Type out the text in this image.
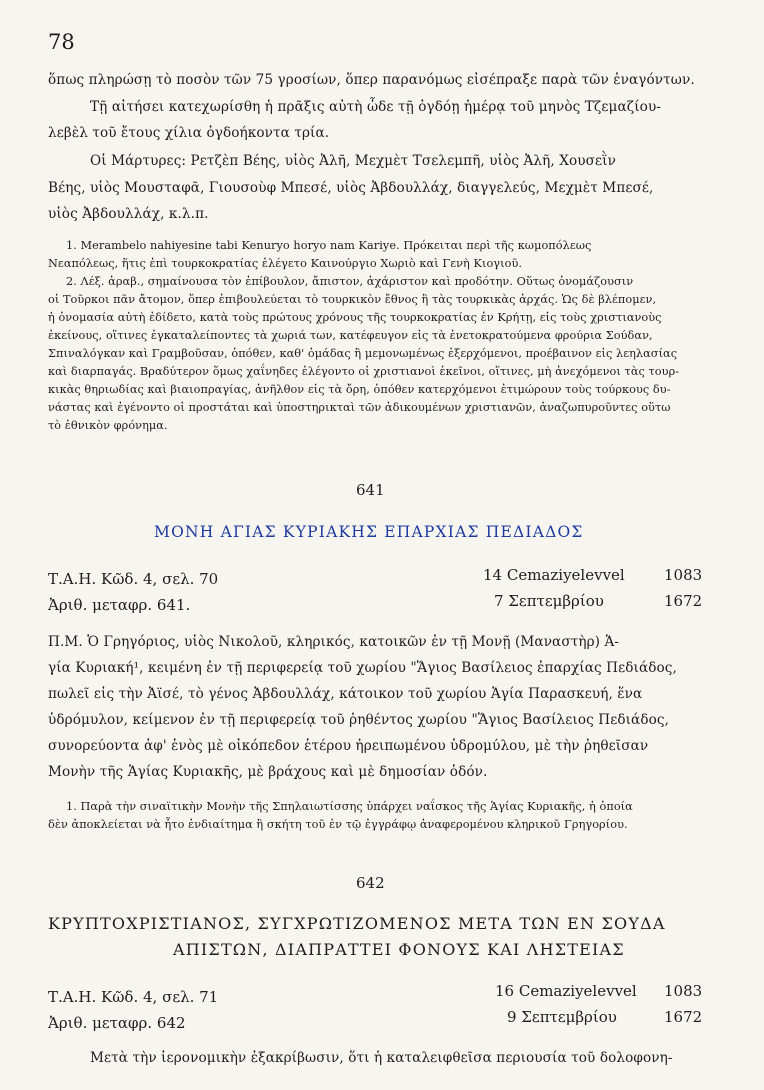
78
ὅπως πληρώσῃ τὸ ποσὸν τῶν 75 γροσίων, ὅπερ παρανόμως εἰσέπραξε παρὰ τῶν ἐναγόντων.
Τῇ αἰτήσει κατεχωρίσθη ἡ πρᾶξις αὐτὴ ὧδε τῇ ὀγδόῃ ἡμέρᾳ τοῦ μηνὸς Τζεμαζίου-
λεβὲλ τοῦ ἔτους χίλια ὀγδοήκοντα τρία.
Οἱ Μάρτυρες: Ρετζὲπ Βέης, υἱὸς Ἀλῆ, Μεχμὲτ Τσελεμπῆ, υἱὸς Ἀλῆ, Χουσεῒν
Βέης, υἱὸς Μουσταφᾶ, Γιουσοὺφ Μπεσέ, υἱὸς Ἀβδουλλάχ, διαγγελεύς, Μεχμὲτ Μπεσέ,
υἱὸς Ἀβδουλλάχ, κ.λ.π.
1. Merambelo nahiyesine tabi Kenuryo horyo nam Kariye. Πρόκειται περὶ τῆς κωμοπόλεως
Νεαπόλεως, ἥτις ἐπὶ τουρκοκρατίας ἐλέγετο Καινούργιο Χωριὸ καὶ Γενὴ Κιογιοῦ.
2. Λέξ. ἀραβ., σημαίνουσα τὸν ἐπίβουλον, ἄπιστον, ἀχάριστον καὶ προδότην. Οὕτως ὀνομάζουσιν
οἱ Τοῦρκοι πᾶν ἄτομον, ὅπερ ἐπιβουλεύεται τὸ τουρκικὸν ἔθνος ἢ τὰς τουρκικὰς ἀρχάς. Ὡς δὲ βλέπομεν,
ἡ ὀνομασία αὐτὴ ἐδίδετο, κατὰ τοὺς πρώτους χρόνους τῆς τουρκοκρατίας ἐν Κρήτῃ, εἰς τοὺς χριστιανοὺς
ἐκείνους, οἵτινες ἐγκαταλείποντες τὰ χωριά των, κατέφευγον εἰς τὰ ἐνετοκρατούμενα φρούρια Σούδαν,
Σπιναλόγκαν καὶ Γραμβοῦσαν, ὁπόθεν, καθ' ὁμάδας ἢ μεμονωμένως ἐξερχόμενοι, προέβαινον εἰς λεηλασίας
καὶ διαρπαγάς. Βραδύτερον ὅμως χαΐνηδες ἐλέγοντο οἱ χριστιανοὶ ἐκεῖνοι, οἵτινες, μὴ ἀνεχόμενοι τὰς τουρ-
κικὰς θηριωδίας καὶ βιαιοπραγίας, ἀνῆλθον εἰς τὰ ὄρη, ὁπόθεν κατερχόμενοι ἐτιμώρουν τοὺς τούρκους δυ-
νάστας καὶ ἐγένοντο οἱ προστάται καὶ ὑποστηρικταὶ τῶν ἀδικουμένων χριστιανῶν, ἀναζωπυροῦντες οὕτω
τὸ ἐθνικὸν φρόνημα.
641
ΜΟΝΗ ΑΓΙΑΣ ΚΥΡΙΑΚΗΣ ΕΠΑΡΧΙΑΣ ΠΕΔΙΑΔΟΣ
Τ.Α.Η. Κῶδ. 4, σελ. 70
Ἀριθ. μεταφρ. 641.
14 Cemaziyelevvel	1083
7 Σεπτεμβρίου	1672
Π.Μ. Ὁ Γρηγόριος, υἱὸς Νικολοῦ, κληρικός, κατοικῶν ἐν τῇ Μονῇ (Μαναστὴρ) Ἁ-
γία Κυριακή¹, κειμένη ἐν τῇ περιφερείᾳ τοῦ χωρίου "Ἅγιος Βασίλειος ἐπαρχίας Πεδιάδος,
πωλεῖ εἰς τὴν Ἀϊσέ, τὸ γένος Ἀβδουλλάχ, κάτοικον τοῦ χωρίου Ἁγία Παρασκευή, ἕνα
ὑδρόμυλον, κείμενον ἐν τῇ περιφερείᾳ τοῦ ῥηθέντος χωρίου "Ἅγιος Βασίλειος Πεδιάδος,
συνορεύοντα ἀφ' ἑνὸς μὲ οἰκόπεδον ἑτέρου ἠρειπωμένου ὑδρομύλου, μὲ τὴν ῥηθεῖσαν
Μονὴν τῆς Ἁγίας Κυριακῆς, μὲ βράχους καὶ μὲ δημοσίαν ὁδόν.
1. Παρὰ τὴν σιναϊτικὴν Μονὴν τῆς Σπηλαιωτίσσης ὑπάρχει ναΐσκος τῆς Ἁγίας Κυριακῆς, ἡ ὁποία
δὲν ἀποκλείεται νὰ ἦτο ἐνδιαίτημα ἢ σκήτη τοῦ ἐν τῷ ἐγγράφῳ ἀναφερομένου κληρικοῦ Γρηγορίου.
642
ΚΡΥΠΤΟΧΡΙΣΤΙΑΝΟΣ, ΣΥΓΧΡΩΤΙΖΟΜΕΝΟΣ ΜΕΤΑ ΤΩΝ ΕΝ ΣΟΥΔΑ
ΑΠΙΣΤΩΝ, ΔΙΑΠΡΑΤΤΕΙ ΦΟΝΟΥΣ ΚΑΙ ΛΗΣΤΕΙΑΣ
Τ.Α.Η. Κῶδ. 4, σελ. 71
Ἀριθ. μεταφρ. 642
16 Cemaziyelevvel 1083
9 Σεπτεμβρίου	1672
Μετὰ τὴν ἱερονομικὴν ἐξακρίβωσιν, ὅτι ἡ καταλειφθεῖσα περιουσία τοῦ δολοφονη-
